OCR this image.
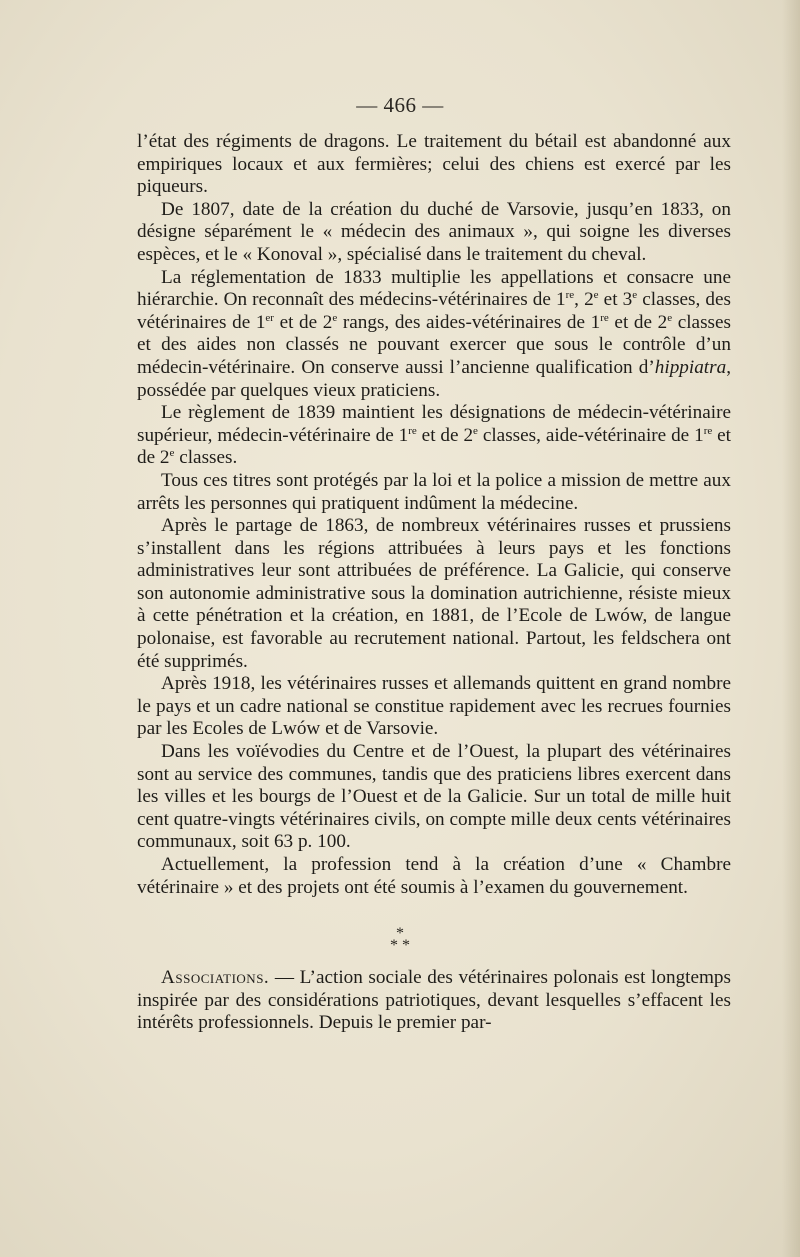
— 466 —

l’état des régiments de dragons. Le traitement du bétail est abandonné aux empiriques locaux et aux fermières; celui des chiens est exercé par les piqueurs.

De 1807, date de la création du duché de Varsovie, jusqu’en 1833, on désigne séparément le « médecin des animaux », qui soigne les diverses espèces, et le « Konoval », spécialisé dans le traitement du cheval.

La réglementation de 1833 multiplie les appellations et consacre une hiérarchie. On reconnaît des médecins-vétérinaires de 1re, 2e et 3e classes, des vétérinaires de 1er et de 2e rangs, des aides-vétérinaires de 1re et de 2e classes et des aides non classés ne pouvant exercer que sous le contrôle d’un médecin-vétérinaire. On conserve aussi l’ancienne qualification d’hippiatra, possédée par quelques vieux praticiens.

Le règlement de 1839 maintient les désignations de médecin-vétérinaire supérieur, médecin-vétérinaire de 1re et de 2e classes, aide-vétérinaire de 1re et de 2e classes.

Tous ces titres sont protégés par la loi et la police a mission de mettre aux arrêts les personnes qui pratiquent indûment la médecine.

Après le partage de 1863, de nombreux vétérinaires russes et prussiens s’installent dans les régions attribuées à leurs pays et les fonctions administratives leur sont attribuées de préférence. La Galicie, qui conserve son autonomie administrative sous la domination autrichienne, résiste mieux à cette pénétration et la création, en 1881, de l’Ecole de Lwów, de langue polonaise, est favorable au recrutement national. Partout, les feldschera ont été supprimés.

Après 1918, les vétérinaires russes et allemands quittent en grand nombre le pays et un cadre national se constitue rapidement avec les recrues fournies par les Ecoles de Lwów et de Varsovie.

Dans les voïévodies du Centre et de l’Ouest, la plupart des vétérinaires sont au service des communes, tandis que des praticiens libres exercent dans les villes et les bourgs de l’Ouest et de la Galicie. Sur un total de mille huit cent quatre-vingts vétérinaires civils, on compte mille deux cents vétérinaires communaux, soit 63 p. 100.

Actuellement, la profession tend à la création d’une « Chambre vétérinaire » et des projets ont été soumis à l’examen du gouvernement.

*
* *

Associations. — L’action sociale des vétérinaires polonais est longtemps inspirée par des considérations patriotiques, devant lesquelles s’effacent les intérêts professionnels. Depuis le premier par-
